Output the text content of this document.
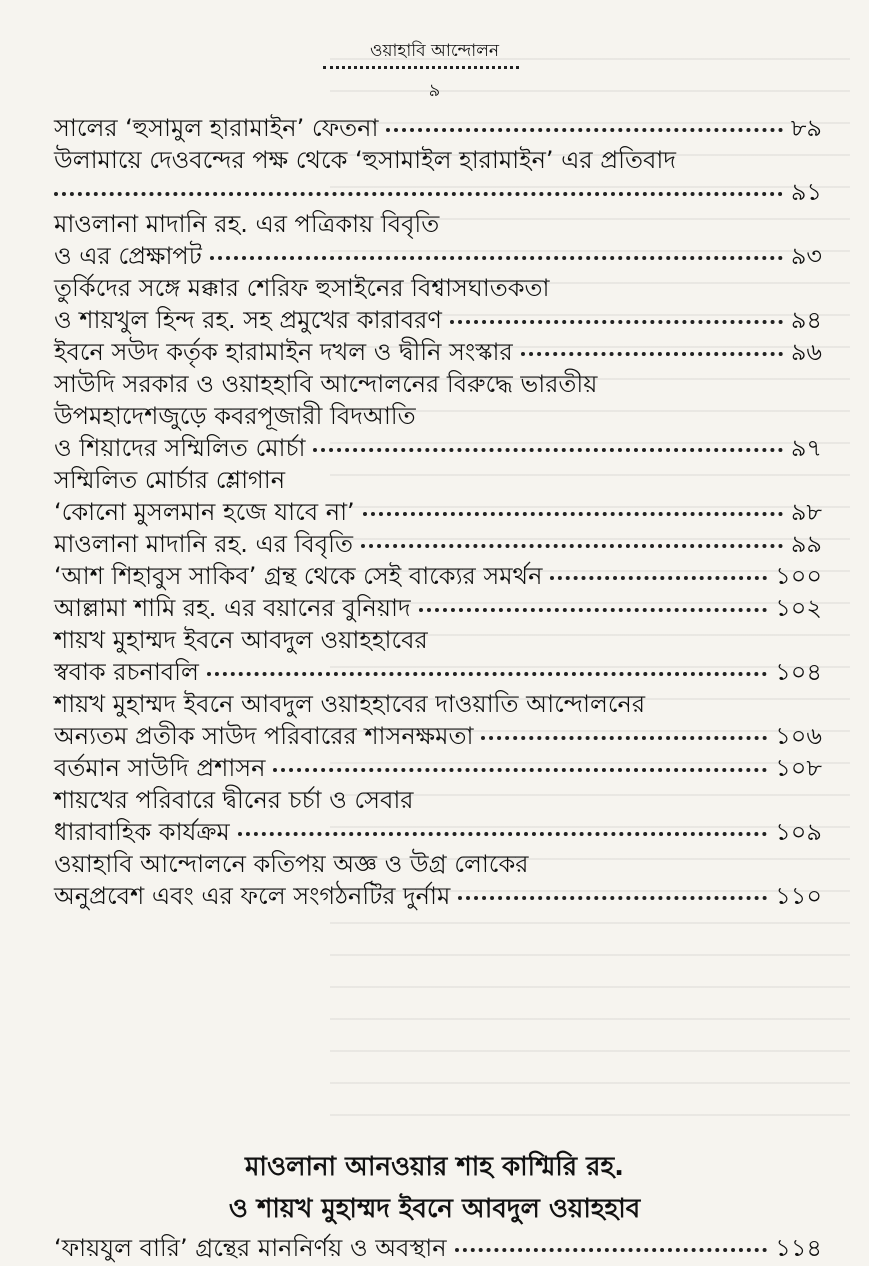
ওয়াহাবি আন্দোলন
৯
সালের ‘হুসামুল হারামাইন’ ফেতনা	৮৯
উলামায়ে দেওবন্দের পক্ষ থেকে ‘হুসামাইল হারামাইন’ এর প্রতিবাদ
৯১
মাওলানা মাদানি রহ. এর পত্রিকায় বিবৃতি
ও এর প্রেক্ষাপট	৯৩
তুর্কিদের সঙ্গে মক্কার শেরিফ হুসাইনের বিশ্বাসঘাতকতা
ও শায়খুল হিন্দ রহ. সহ প্রমুখের কারাবরণ	৯৪
ইবনে সউদ কর্তৃক হারামাইন দখল ও দ্বীনি সংস্কার	৯৬
সাউদি সরকার ও ওয়াহহাবি আন্দোলনের বিরুদ্ধে ভারতীয়
উপমহাদেশজুড়ে কবরপূজারী বিদআতি
ও শিয়াদের সম্মিলিত মোর্চা	৯৭
সম্মিলিত মোর্চার শ্লোগান
‘কোনো মুসলমান হজে যাবে না’	৯৮
মাওলানা মাদানি রহ. এর বিবৃতি	৯৯
‘আশ শিহাবুস সাকিব’ গ্রন্থ থেকে সেই বাক্যের সমর্থন	১০০
আল্লামা শামি রহ. এর বয়ানের বুনিয়াদ	১০২
শায়খ মুহাম্মদ ইবনে আবদুল ওয়াহহাবের
স্ববাক রচনাবলি	১০৪
শায়খ মুহাম্মদ ইবনে আবদুল ওয়াহহাবের দাওয়াতি আন্দোলনের
অন্যতম প্রতীক সাউদ পরিবারের শাসনক্ষমতা	১০৬
বর্তমান সাউদি প্রশাসন	১০৮
শায়খের পরিবারে দ্বীনের চর্চা ও সেবার
ধারাবাহিক কার্যক্রম	১০৯
ওয়াহাবি আন্দোলনে কতিপয় অজ্ঞ ও উগ্র লোকের
অনুপ্রবেশ এবং এর ফলে সংগঠনটির দুর্নাম	১১০
মাওলানা আনওয়ার শাহ কাশ্মিরি রহ.
ও শায়খ মুহাম্মদ ইবনে আবদুল ওয়াহহাব
‘ফায়যুল বারি’ গ্রন্থের মাননির্ণয় ও অবস্থান	১১৪
